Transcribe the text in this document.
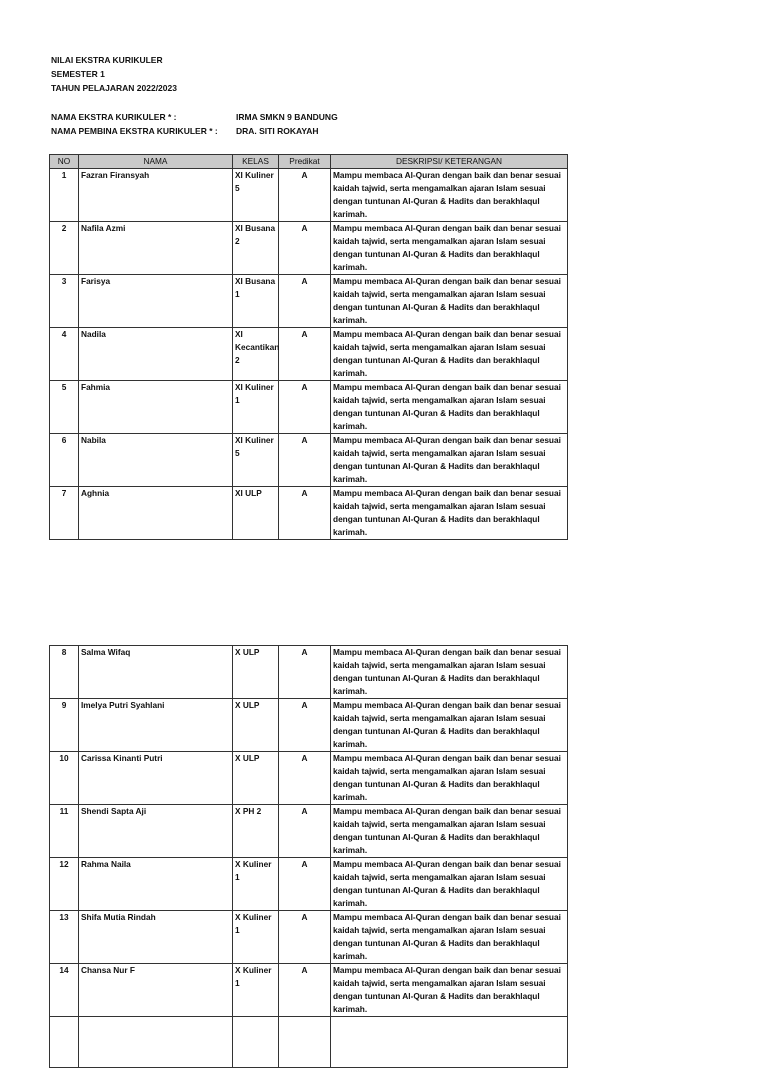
NILAI EKSTRA KURIKULER
SEMESTER 1
TAHUN PELAJARAN 2022/2023
NAMA EKSTRA KURIKULER * :	IRMA SMKN 9 BANDUNG
NAMA PEMBINA EKSTRA KURIKULER * : DRA. SITI ROKAYAH
NO	NAMA	KELAS	Predikat	DESKRIPSI/ KETERANGAN
1	Fazran Firansyah	XI Kuliner 5	A	Mampu membaca Al-Quran dengan baik dan benar sesuai kaidah tajwid, serta mengamalkan ajaran Islam sesuai dengan tuntunan Al-Quran & Hadits dan berakhlaqul karimah.
2	Nafila Azmi	XI Busana 2	A	Mampu membaca Al-Quran dengan baik dan benar sesuai kaidah tajwid, serta mengamalkan ajaran Islam sesuai dengan tuntunan Al-Quran & Hadits dan berakhlaqul karimah.
3	Farisya	XI Busana 1	A	Mampu membaca Al-Quran dengan baik dan benar sesuai kaidah tajwid, serta mengamalkan ajaran Islam sesuai dengan tuntunan Al-Quran & Hadits dan berakhlaqul karimah.
4	Nadila	XI Kecantikan 2	A	Mampu membaca Al-Quran dengan baik dan benar sesuai kaidah tajwid, serta mengamalkan ajaran Islam sesuai dengan tuntunan Al-Quran & Hadits dan berakhlaqul karimah.
5	Fahmia	XI Kuliner 1	A	Mampu membaca Al-Quran dengan baik dan benar sesuai kaidah tajwid, serta mengamalkan ajaran Islam sesuai dengan tuntunan Al-Quran & Hadits dan berakhlaqul karimah.
6	Nabila	XI Kuliner 5	A	Mampu membaca Al-Quran dengan baik dan benar sesuai kaidah tajwid, serta mengamalkan ajaran Islam sesuai dengan tuntunan Al-Quran & Hadits dan berakhlaqul karimah.
7	Aghnia	XI ULP	A	Mampu membaca Al-Quran dengan baik dan benar sesuai kaidah tajwid, serta mengamalkan ajaran Islam sesuai dengan tuntunan Al-Quran & Hadits dan berakhlaqul karimah.
8	Salma Wifaq	X ULP	A	Mampu membaca Al-Quran dengan baik dan benar sesuai kaidah tajwid, serta mengamalkan ajaran Islam sesuai dengan tuntunan Al-Quran & Hadits dan berakhlaqul karimah.
9	Imelya Putri Syahlani	X ULP	A	Mampu membaca Al-Quran dengan baik dan benar sesuai kaidah tajwid, serta mengamalkan ajaran Islam sesuai dengan tuntunan Al-Quran & Hadits dan berakhlaqul karimah.
10	Carissa Kinanti Putri	X ULP	A	Mampu membaca Al-Quran dengan baik dan benar sesuai kaidah tajwid, serta mengamalkan ajaran Islam sesuai dengan tuntunan Al-Quran & Hadits dan berakhlaqul karimah.
11	Shendi Sapta Aji	X PH 2	A	Mampu membaca Al-Quran dengan baik dan benar sesuai kaidah tajwid, serta mengamalkan ajaran Islam sesuai dengan tuntunan Al-Quran & Hadits dan berakhlaqul karimah.
12	Rahma Naila	X Kuliner 1	A	Mampu membaca Al-Quran dengan baik dan benar sesuai kaidah tajwid, serta mengamalkan ajaran Islam sesuai dengan tuntunan Al-Quran & Hadits dan berakhlaqul karimah.
13	Shifa Mutia Rindah	X Kuliner 1	A	Mampu membaca Al-Quran dengan baik dan benar sesuai kaidah tajwid, serta mengamalkan ajaran Islam sesuai dengan tuntunan Al-Quran & Hadits dan berakhlaqul karimah.
14	Chansa Nur F	X Kuliner 1	A	Mampu membaca Al-Quran dengan baik dan benar sesuai kaidah tajwid, serta mengamalkan ajaran Islam sesuai dengan tuntunan Al-Quran & Hadits dan berakhlaqul karimah.
